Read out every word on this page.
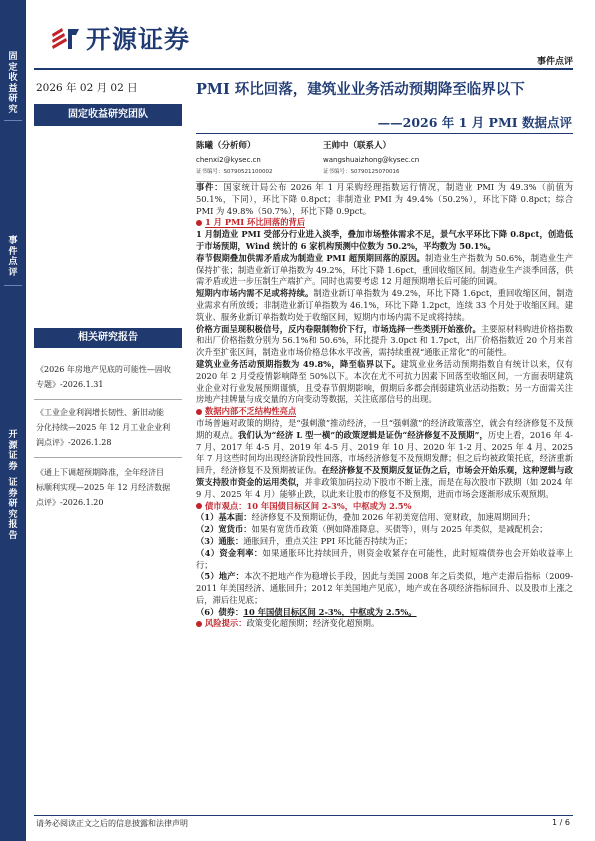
固
定
收
益
研
究
事
件
点
评
开
源
证
券
证
券
研
究
报
告
开源证券
事件点评
2026 年 02 月 02 日
固定收益研究团队
PMI 环比回落，建筑业业务活动预期降至临界以下
——2026 年 1 月 PMI 数据点评
陈曦（分析师）
chenxi2@kysec.cn
证书编号：S0790521100002
王帅中（联系人）
wangshuaizhong@kysec.cn
证书编号：S0790125070016
相关研究报告
《2026 年房地产见底的可能性—固收
专题》-2026.1.31
《工业企业利润增长韧性、新旧动能
分化持续—2025 年 12 月工业企业利
润点评》-2026.1.28
《通上下调超预期降准，全年经济目
标顺利实现—2025 年 12 月经济数据
点评》-2026.1.20

事件：国家统计局公布 2026 年 1 月采购经理指数运行情况，制造业 PMI 为 49.3%（前值为 50.1%，下同），环比下降 0.8pct；非制造业 PMI 为 49.4%（50.2%），环比下降 0.8pct；综合 PMI 为 49.8%（50.7%），环比下降 0.9pct。

1 月 PMI 环比回落的背后

1 月制造业 PMI 受部分行业进入淡季，叠加市场整体需求不足，景气水平环比下降 0.8pct，创造低于市场预期，Wind 统计的 6 家机构预测中位数为 50.2%，平均数为 50.1%。

春节假期叠加供需矛盾成为制造业 PMI 超预期回落的原因。制造业生产指数为 50.6%，制造业生产保持扩张；制造业新订单指数为 49.2%，环比下降 1.6pct，重回收缩区间。制造业生产淡季回落，供需矛盾或进一步压制生产端扩产。同时也需要考虑 12 月超预期增长后可能的回调。

短期内市场内需不足或将持续。制造业新订单指数为 49.2%，环比下降 1.6pct，重回收缩区间，制造业需求有所放缓；非制造业新订单指数为 46.1%，环比下降 1.2pct，连续 33 个月处于收缩区间。建筑业、服务业新订单指数均处于收缩区间，短期内市场内需不足或将持续。

价格方面呈现积极信号，反内卷限制物价下行，市场选择一些类别开始涨价。主要原材料购进价格指数和出厂价格指数分别为 56.1%和 50.6%，环比提升 3.0pct 和 1.7pct，出厂价格指数近 20 个月来首次升至扩张区间，制造业市场价格总体水平改善，需持续重视“通胀正常化”的可能性。

建筑业业务活动预期指数为 49.8%，降至临界以下。建筑业业务活动预期指数自有统计以来，仅有 2020 年 2 月受疫情影响降至 50%以下。本次在尤不可抗力因素下回落至收缩区间，一方面表明建筑业企业对行业发展预期谨慎，且受春节假期影响，假期后多都会削弱建筑业活动指数；另一方面需关注房地产挂牌量与成交量的方向变动等数据，关注底部信号的出现。

数据内部不乏结构性亮点

市场普遍对政策的期待，是“强刺激”推动经济，一旦“强刺激”的经济政策落空，就会有经济修复不及预期的观点。我们认为“经济 L 型一横”的政策逻辑是证伪“经济修复不及预期”，历史上看，2016 年 4-7 月、2017 年 4-5 月、2019 年 4-5 月、2019 年 10 月、2020 年 1-2 月、2025 年 4 月、2025 年 7 月这些时间均出现经济阶段性回落，市场经济修复不及预期发酵；但之后均被政策托底，经济重新回升，经济修复不及预期被证伪。在经济修复不及预期反复证伪之后，市场会开始乐观，这种逻辑与政策支持股市资金的运用类似，并非政策加码拉动下股市不断上涨，而是在每次股市下跌期（如 2024 年 9 月、2025 年 4 月）能够止跌，以此来让股市的修复不及预期，进而市场会逐渐形成乐观预期。

债市观点：10 年国债目标区间 2-3%，中枢或为 2.5%

（1）基本面：经济修复不及预期证伪，叠加 2026 年初美宽信用、宽财政，加速周期回升；

（2）宽货币：如果有宽货币政策（例如降准降息、买债等），则与 2025 年类似，是减配机会；

（3）通胀：通胀回升，重点关注 PPI 环比能否持续为正；

（4）资金利率：如果通胀环比持续回升，则资金收紧存在可能性，此时短端债券也会开始收益率上行；

（5）地产：本次不把地产作为稳增长手段，因此与美国 2008 年之后类似，地产走滞后指标（2009-2011 年美国经济、通胀回升；2012 年美国地产见底），地产或在各项经济指标回升、以及股市上涨之后，滞后往见底；

（6）债券：10 年国债目标区间 2-3%，中枢或为 2.5%。

风险提示：政策变化超预期；经济变化超预期。

请务必阅读正文之后的信息披露和法律声明	1 / 6
